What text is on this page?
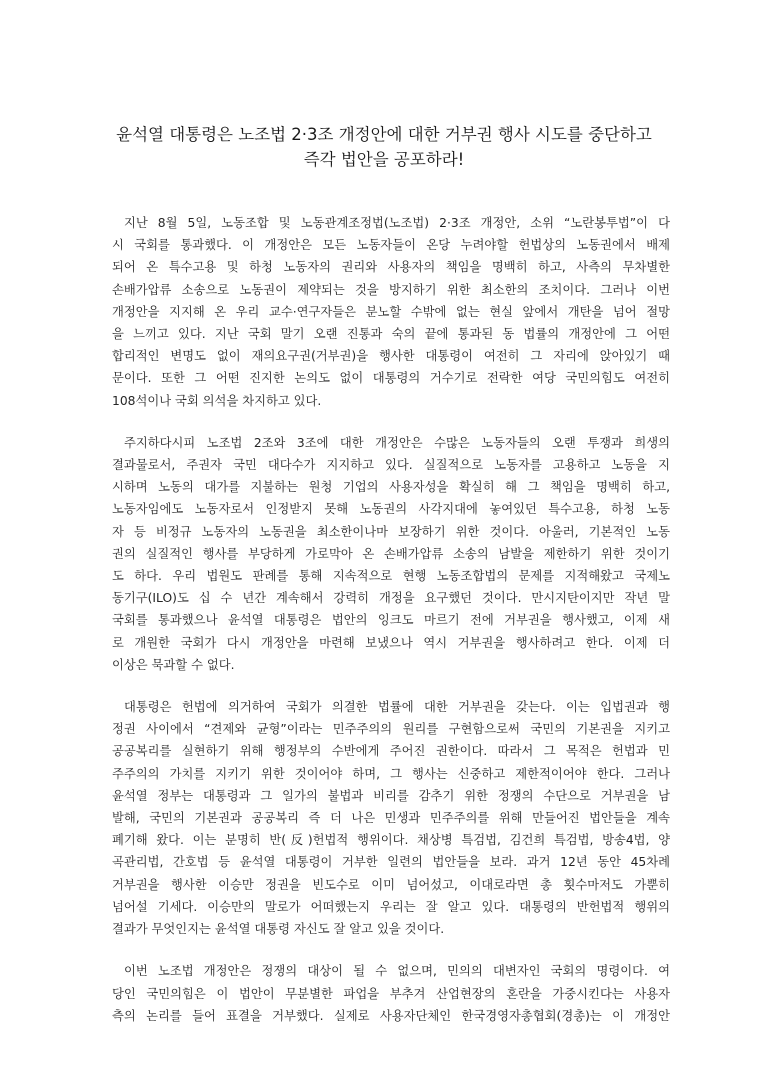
윤석열 대통령은 노조법 2·3조 개정안에 대한 거부권 행사 시도를 중단하고
즉각 법안을 공포하라!

지난 8월 5일, 노동조합 및 노동관계조정법(노조법) 2·3조 개정안, 소위 “노란봉투법”이 다
시 국회를 통과했다. 이 개정안은 모든 노동자들이 온당 누려야할 헌법상의 노동권에서 배제
되어 온 특수고용 및 하청 노동자의 권리와 사용자의 책임을 명백히 하고, 사측의 무차별한
손배가압류 소송으로 노동권이 제약되는 것을 방지하기 위한 최소한의 조치이다. 그러나 이번
개정안을 지지해 온 우리 교수·연구자들은 분노할 수밖에 없는 현실 앞에서 개탄을 넘어 절망
을 느끼고 있다. 지난 국회 말기 오랜 진통과 숙의 끝에 통과된 동 법률의 개정안에 그 어떤
합리적인 변명도 없이 재의요구권(거부권)을 행사한 대통령이 여전히 그 자리에 앉아있기 때
문이다. 또한 그 어떤 진지한 논의도 없이 대통령의 거수기로 전락한 여당 국민의힘도 여전히
108석이나 국회 의석을 차지하고 있다.

주지하다시피 노조법 2조와 3조에 대한 개정안은 수많은 노동자들의 오랜 투쟁과 희생의
결과물로서, 주권자 국민 대다수가 지지하고 있다. 실질적으로 노동자를 고용하고 노동을 지
시하며 노동의 대가를 지불하는 원청 기업의 사용자성을 확실히 해 그 책임을 명백히 하고,
노동자임에도 노동자로서 인정받지 못해 노동권의 사각지대에 놓여있던 특수고용, 하청 노동
자 등 비정규 노동자의 노동권을 최소한이나마 보장하기 위한 것이다. 아울러, 기본적인 노동
권의 실질적인 행사를 부당하게 가로막아 온 손배가압류 소송의 남발을 제한하기 위한 것이기
도 하다. 우리 법원도 판례를 통해 지속적으로 현행 노동조합법의 문제를 지적해왔고 국제노
동기구(ILO)도 십 수 년간 계속해서 강력히 개정을 요구했던 것이다. 만시지탄이지만 작년 말
국회를 통과했으나 윤석열 대통령은 법안의 잉크도 마르기 전에 거부권을 행사했고, 이제 새
로 개원한 국회가 다시 개정안을 마련해 보냈으나 역시 거부권을 행사하려고 한다. 이제 더
이상은 묵과할 수 없다.

대통령은 헌법에 의거하여 국회가 의결한 법률에 대한 거부권을 갖는다. 이는 입법권과 행
정권 사이에서 “견제와 균형”이라는 민주주의의 원리를 구현함으로써 국민의 기본권을 지키고
공공복리를 실현하기 위해 행정부의 수반에게 주어진 권한이다. 따라서 그 목적은 헌법과 민
주주의의 가치를 지키기 위한 것이어야 하며, 그 행사는 신중하고 제한적이어야 한다. 그러나
윤석열 정부는 대통령과 그 일가의 불법과 비리를 감추기 위한 정쟁의 수단으로 거부권을 남
발해, 국민의 기본권과 공공복리 즉 더 나은 민생과 민주주의를 위해 만들어진 법안들을 계속
폐기해 왔다. 이는 분명히 반(反)헌법적 행위이다. 채상병 특검법, 김건희 특검법, 방송4법, 양
곡관리법, 간호법 등 윤석열 대통령이 거부한 일련의 법안들을 보라. 과거 12년 동안 45차례
거부권을 행사한 이승만 정권을 빈도수로 이미 넘어섰고, 이대로라면 총 횟수마저도 가뿐히
넘어설 기세다. 이승만의 말로가 어떠했는지 우리는 잘 알고 있다. 대통령의 반헌법적 행위의
결과가 무엇인지는 윤석열 대통령 자신도 잘 알고 있을 것이다.

이번 노조법 개정안은 정쟁의 대상이 될 수 없으며, 민의의 대변자인 국회의 명령이다. 여
당인 국민의힘은 이 법안이 무분별한 파업을 부추겨 산업현장의 혼란을 가중시킨다는 사용자
측의 논리를 들어 표결을 거부했다. 실제로 사용자단체인 한국경영자총협회(경총)는 이 개정안
